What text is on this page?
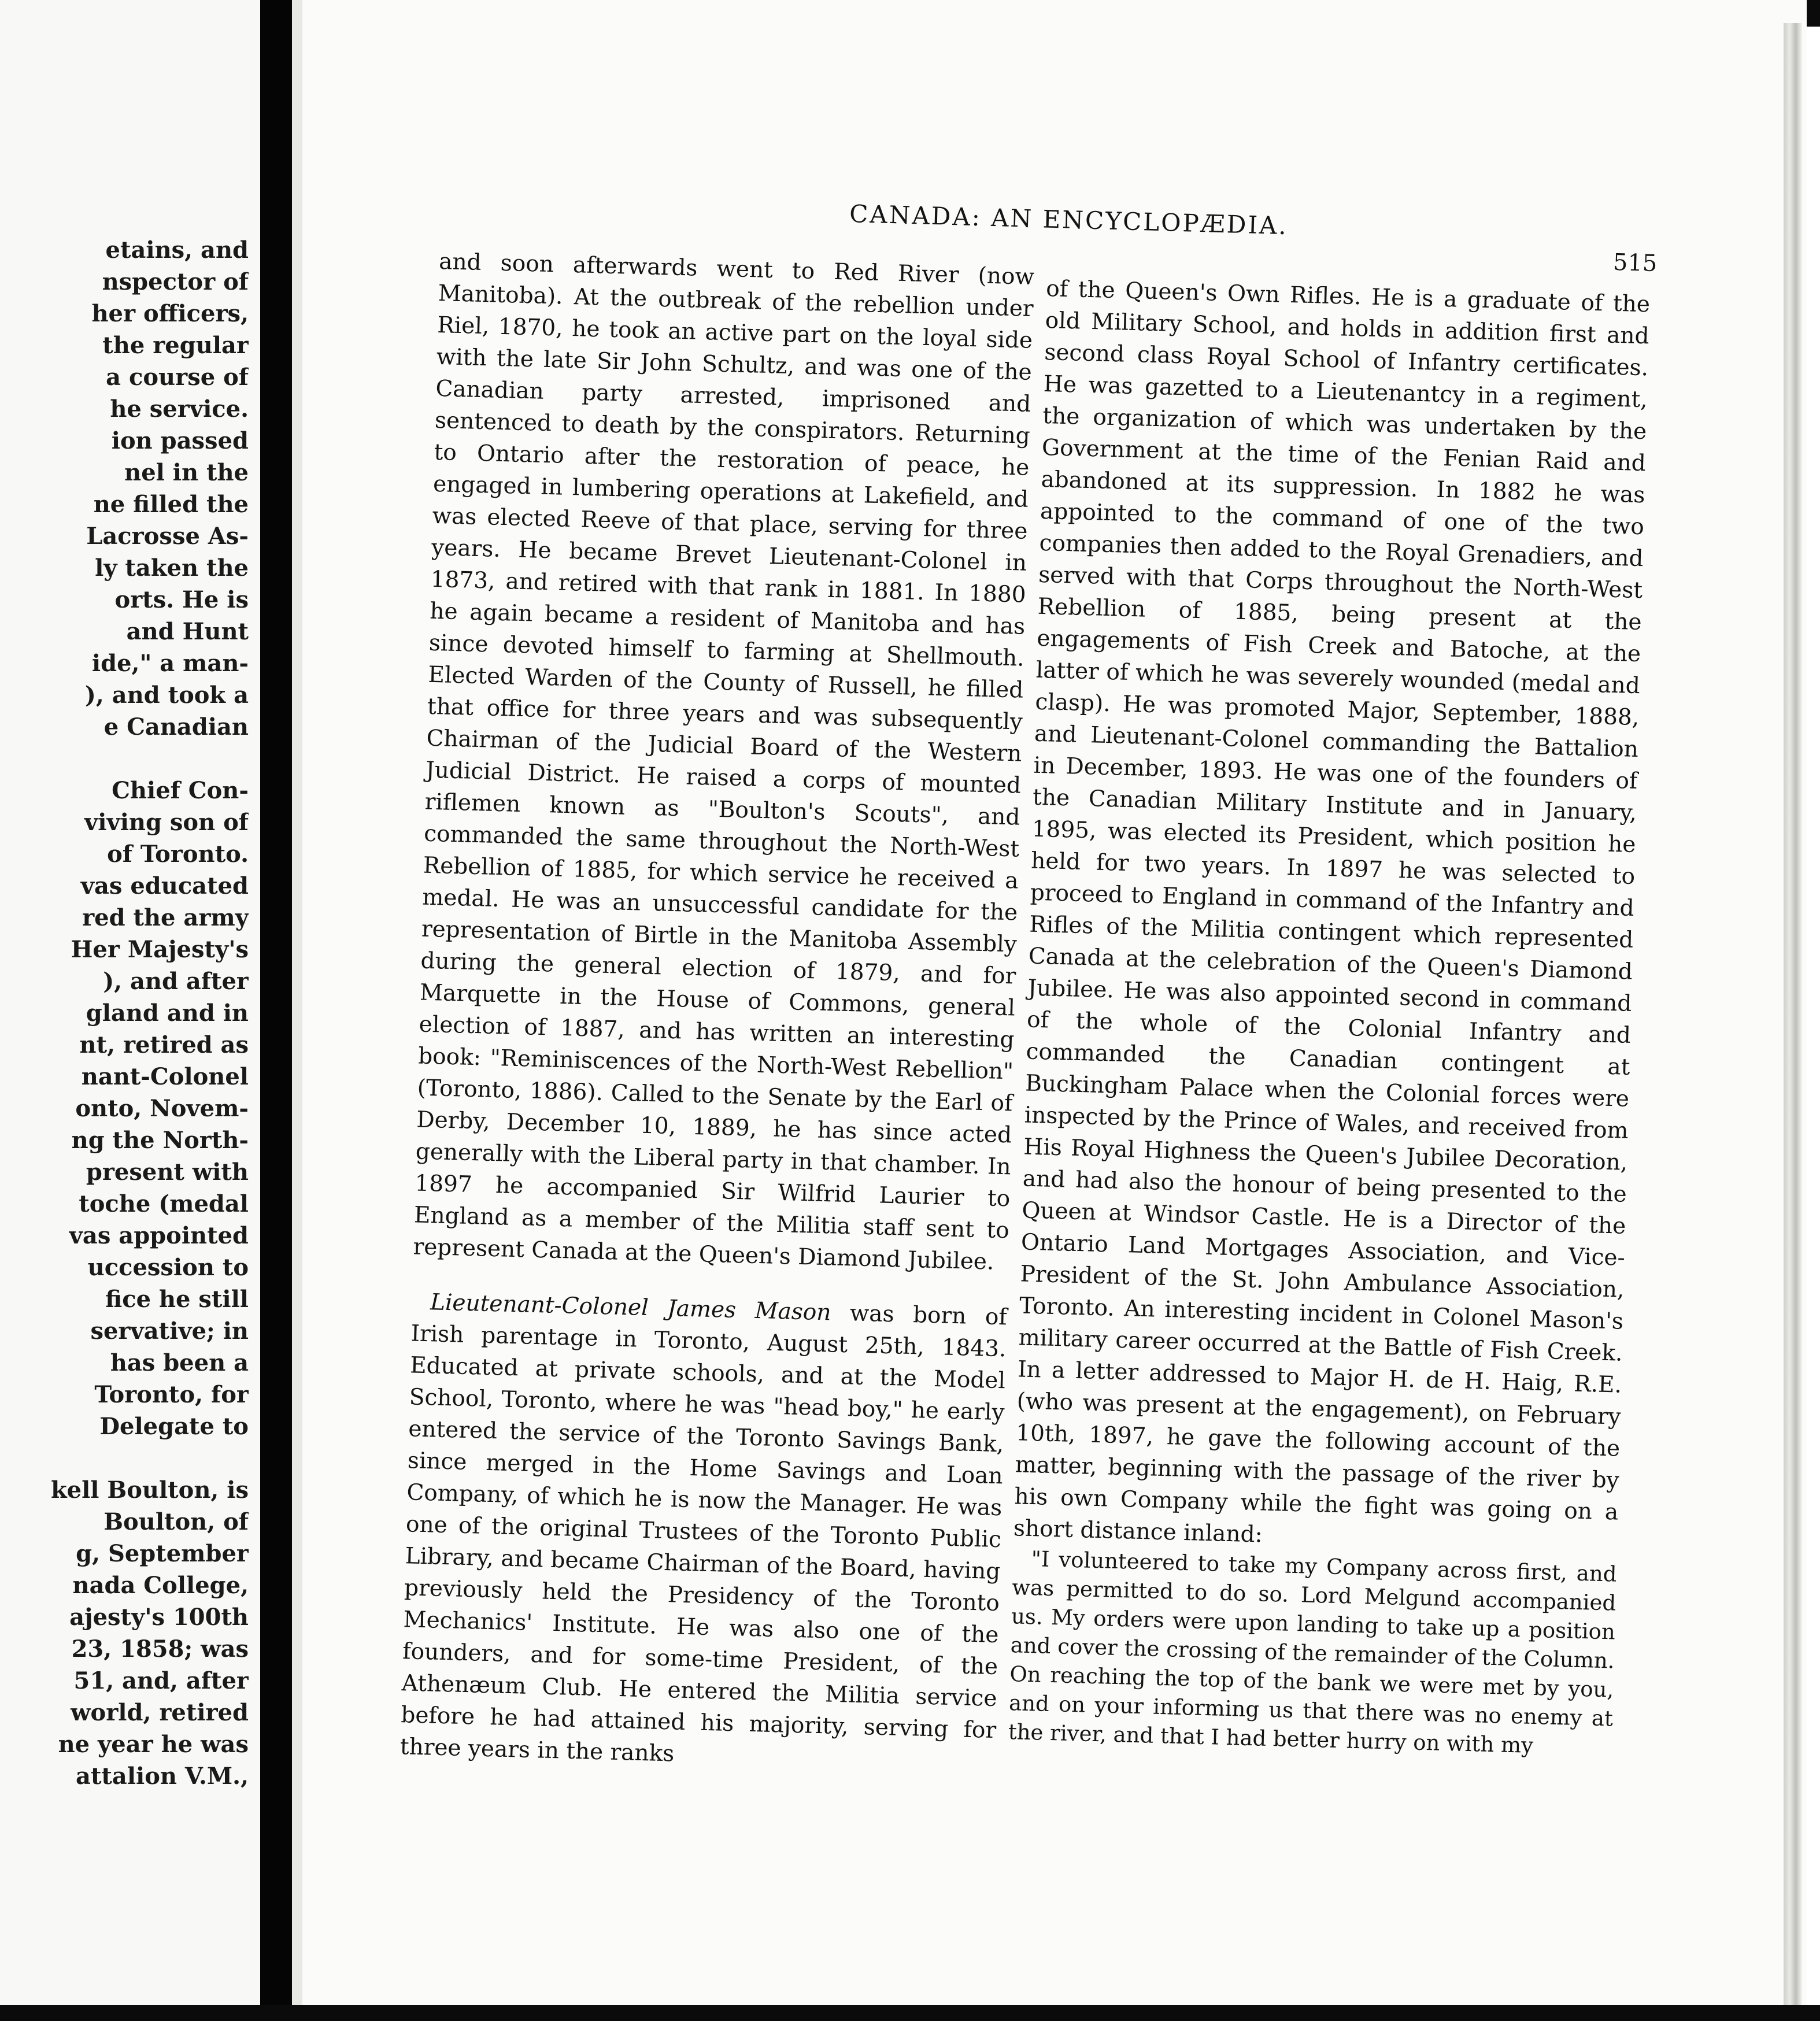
etains, and
nspector of
her officers,
the regular
a course of
he service.
ion passed
nel in the
ne filled the
Lacrosse As-
ly taken the
orts. He is
and Hunt
ide," a man-
), and took a
e Canadian

Chief Con-
viving son of
of Toronto.
vas educated
red the army
Her Majesty's
), and after
gland and in
nt, retired as
nant-Colonel
onto, Novem-
ng the North-
present with
toche (medal
vas appointed
uccession to
fice he still
servative; in
has been a
Toronto, for
Delegate to

kell Boulton, is
Boulton, of
g, September
nada College,
ajesty's 100th
23, 1858; was
51, and, after
world, retired
ne year he was
attalion V.M.,
CANADA: AN ENCYCLOPÆDIA.
515

and soon afterwards went to Red River (now Manitoba). At the outbreak of the rebellion under Riel, 1870, he took an active part on the loyal side with the late Sir John Schultz, and was one of the Canadian party arrested, imprisoned and sentenced to death by the conspirators. Returning to Ontario after the restoration of peace, he engaged in lumbering operations at Lakefield, and was elected Reeve of that place, serving for three years. He became Brevet Lieutenant-Colonel in 1873, and retired with that rank in 1881. In 1880 he again became a resident of Manitoba and has since devoted himself to farming at Shellmouth. Elected Warden of the County of Russell, he filled that office for three years and was subsequently Chairman of the Judicial Board of the Western Judicial District. He raised a corps of mounted riflemen known as "Boulton's Scouts", and commanded the same throughout the North-West Rebellion of 1885, for which service he received a medal. He was an unsuccessful candidate for the representation of Birtle in the Manitoba Assembly during the general election of 1879, and for Marquette in the House of Commons, general election of 1887, and has written an interesting book: "Reminiscences of the North-West Rebellion" (Toronto, 1886). Called to the Senate by the Earl of Derby, December 10, 1889, he has since acted generally with the Liberal party in that chamber. In 1897 he accompanied Sir Wilfrid Laurier to England as a member of the Militia staff sent to represent Canada at the Queen's Diamond Jubilee.

Lieutenant-Colonel James Mason was born of Irish parentage in Toronto, August 25th, 1843. Educated at private schools, and at the Model School, Toronto, where he was "head boy," he early entered the service of the Toronto Savings Bank, since merged in the Home Savings and Loan Company, of which he is now the Manager. He was one of the original Trustees of the Toronto Public Library, and became Chairman of the Board, having previously held the Presidency of the Toronto Mechanics' Institute. He was also one of the founders, and for some-time President, of the Athenæum Club. He entered the Militia service before he had attained his majority, serving for three years in the ranks

of the Queen's Own Rifles. He is a graduate of the old Military School, and holds in addition first and second class Royal School of Infantry certificates. He was gazetted to a Lieutenantcy in a regiment, the organization of which was undertaken by the Government at the time of the Fenian Raid and abandoned at its suppression. In 1882 he was appointed to the command of one of the two companies then added to the Royal Grenadiers, and served with that Corps throughout the North-West Rebellion of 1885, being present at the engagements of Fish Creek and Batoche, at the latter of which he was severely wounded (medal and clasp). He was promoted Major, September, 1888, and Lieutenant-Colonel commanding the Battalion in December, 1893. He was one of the founders of the Canadian Military Institute and in January, 1895, was elected its President, which position he held for two years. In 1897 he was selected to proceed to England in command of the Infantry and Rifles of the Militia contingent which represented Canada at the celebration of the Queen's Diamond Jubilee. He was also appointed second in command of the whole of the Colonial Infantry and commanded the Canadian contingent at Buckingham Palace when the Colonial forces were inspected by the Prince of Wales, and received from His Royal Highness the Queen's Jubilee Decoration, and had also the honour of being presented to the Queen at Windsor Castle. He is a Director of the Ontario Land Mortgages Association, and Vice-President of the St. John Ambulance Association, Toronto. An interesting incident in Colonel Mason's military career occurred at the Battle of Fish Creek. In a letter addressed to Major H. de H. Haig, R.E. (who was present at the engagement), on February 10th, 1897, he gave the following account of the matter, beginning with the passage of the river by his own Company while the fight was going on a short distance inland:

"I volunteered to take my Company across first, and was permitted to do so. Lord Melgund accompanied us. My orders were upon landing to take up a position and cover the crossing of the remainder of the Column. On reaching the top of the bank we were met by you, and on your informing us that there was no enemy at the river, and that I had better hurry on with my
